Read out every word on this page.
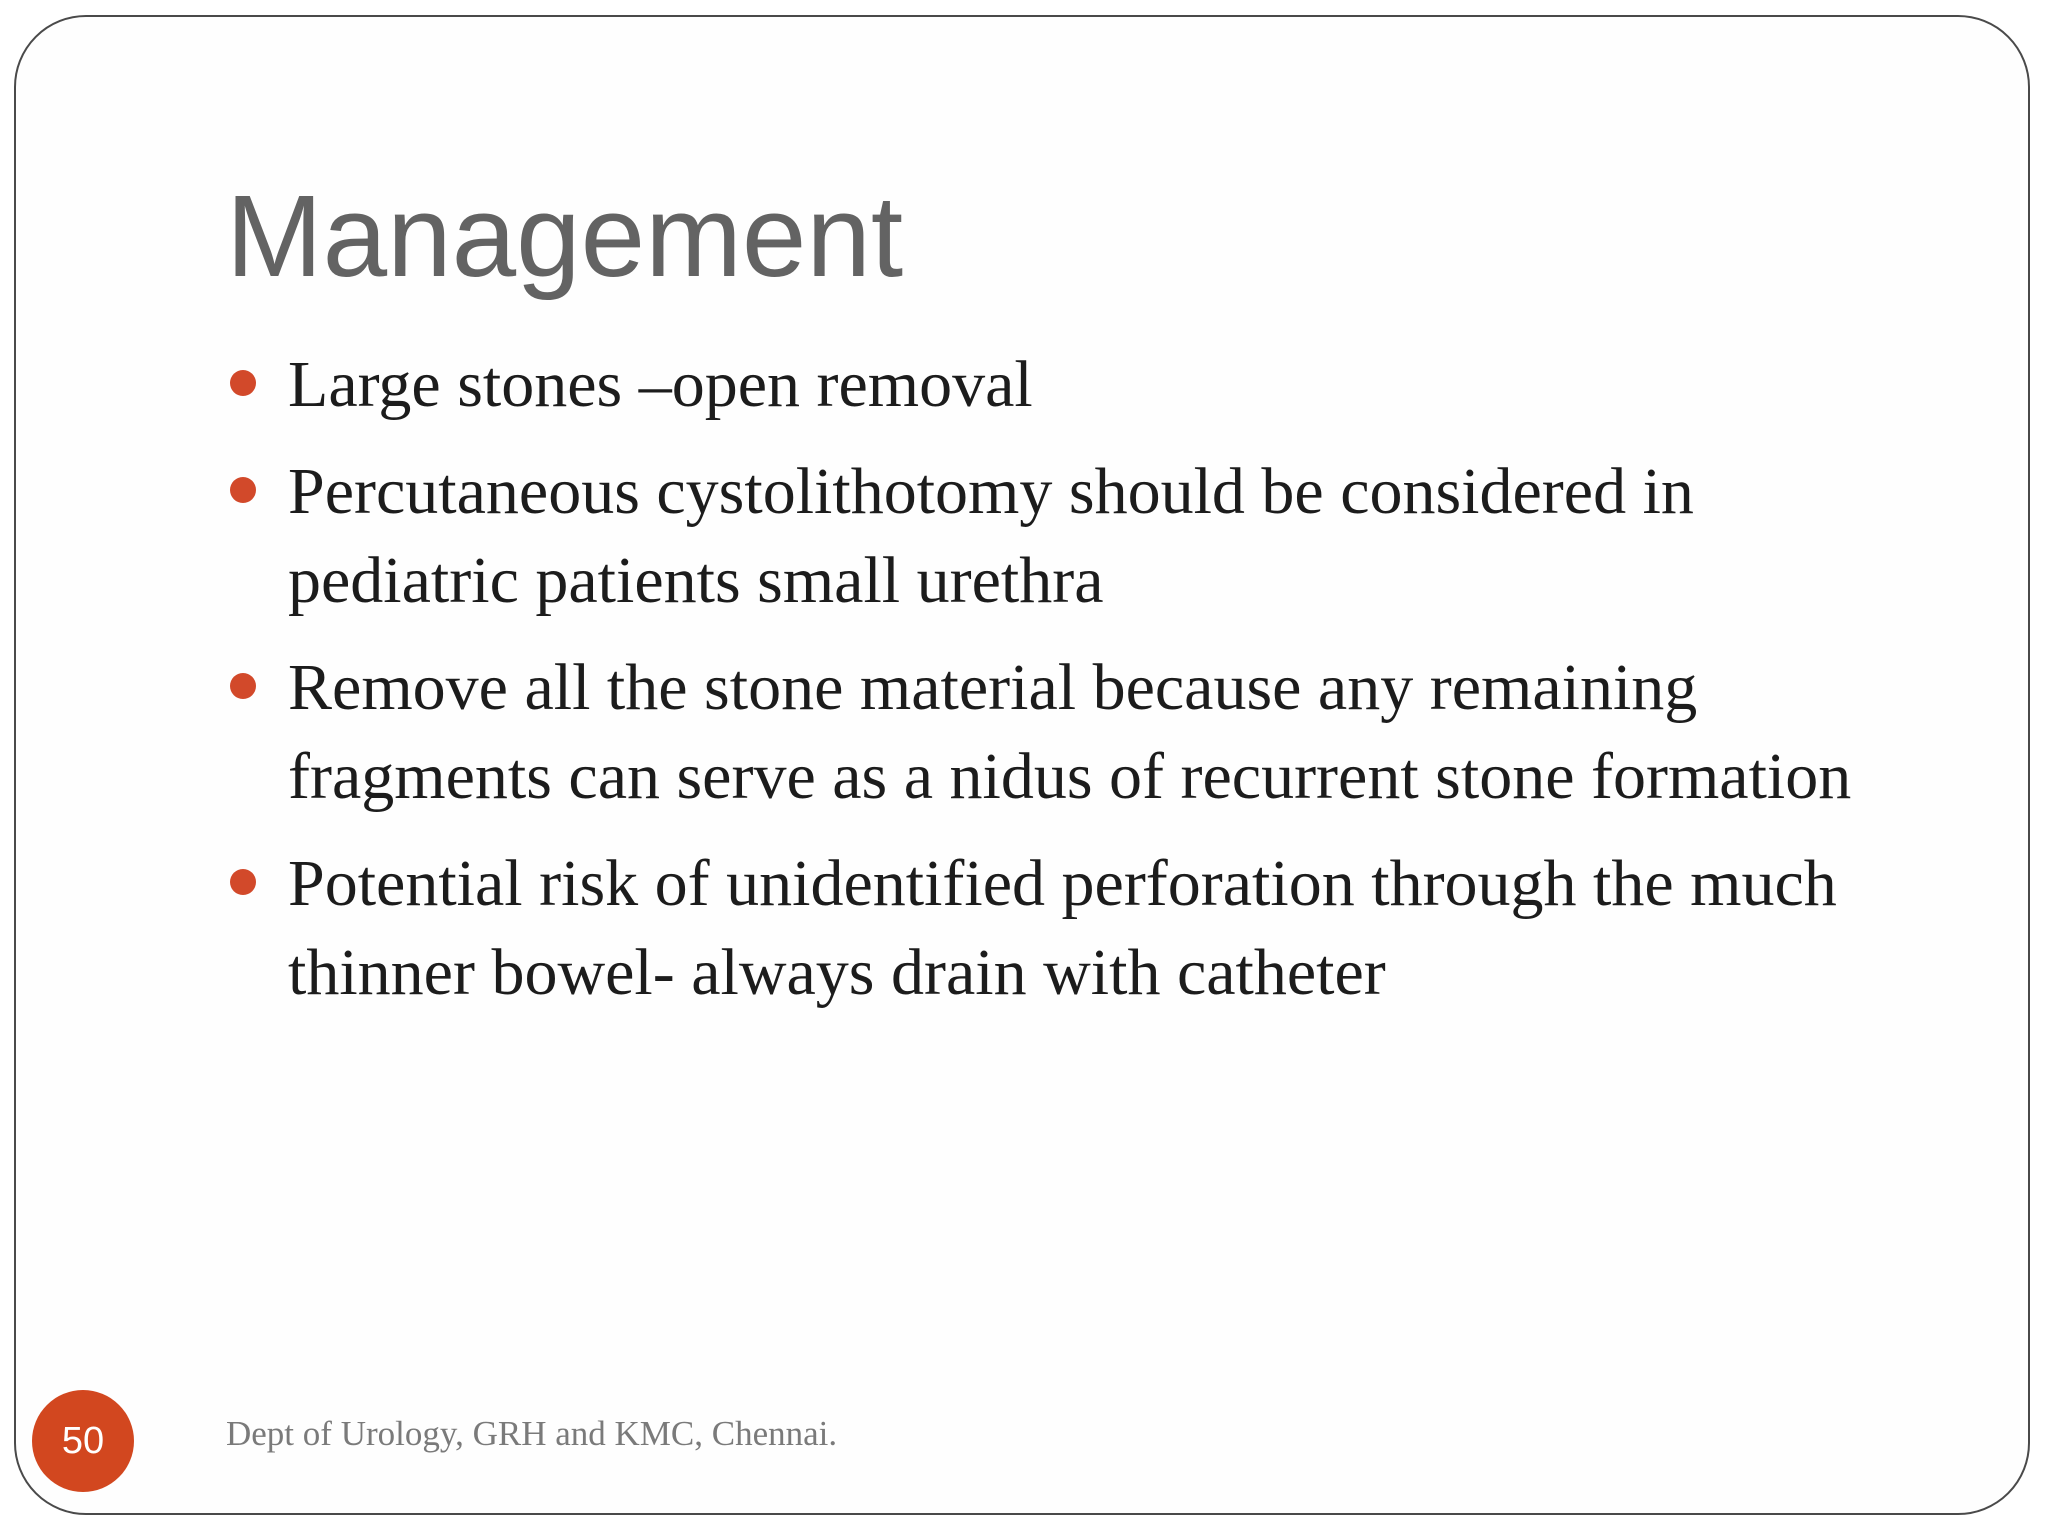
Management
Large stones –open removal
Percutaneous cystolithotomy should be considered in pediatric patients small urethra
Remove all the stone material because any remaining fragments can serve as a nidus of recurrent stone formation
Potential risk of unidentified perforation through the much thinner bowel- always drain with catheter
50	Dept of Urology, GRH and KMC, Chennai.
